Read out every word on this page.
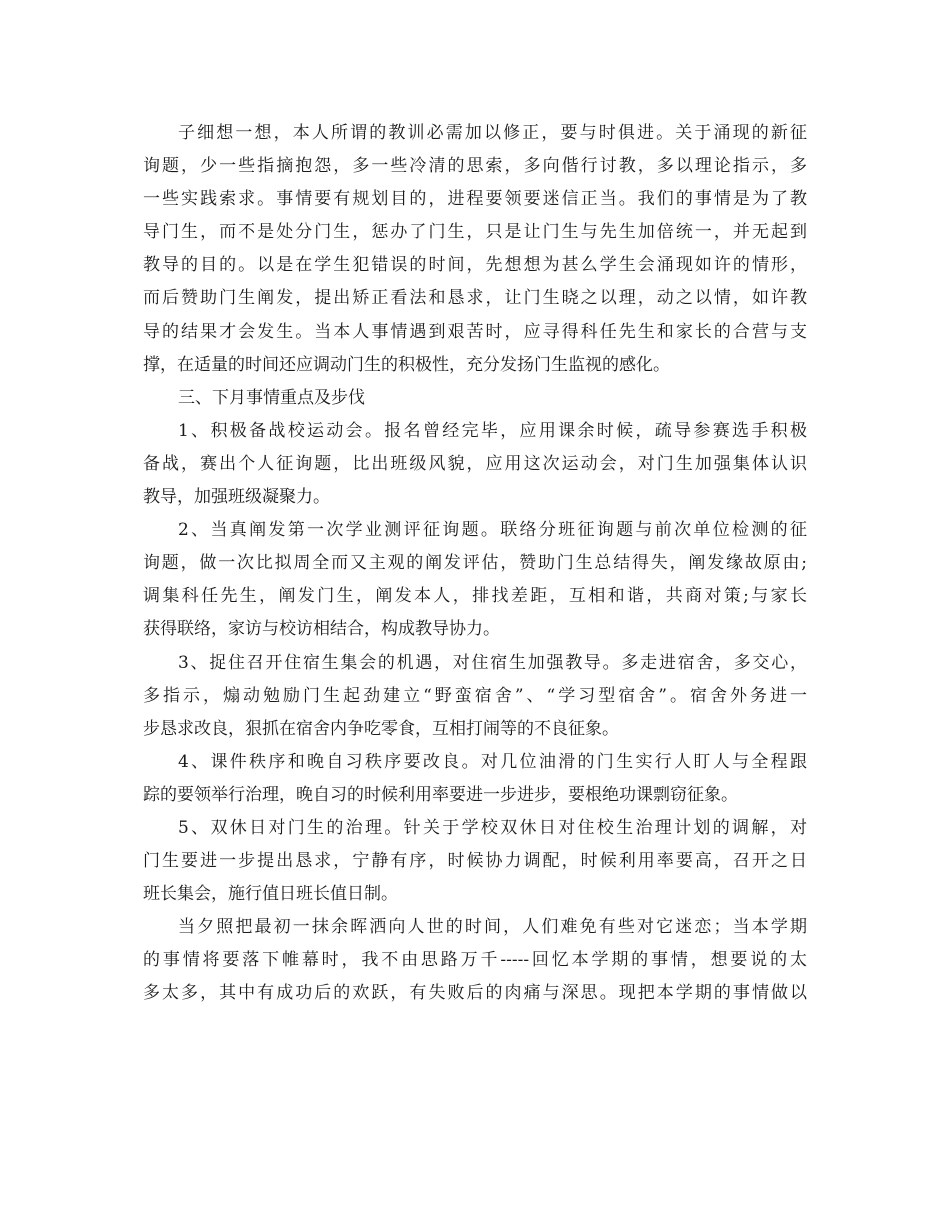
子细想一想，本人所谓的教训必需加以修正，要与时俱进。关于涌现的新征
询题，少一些指摘抱怨，多一些冷清的思索，多向偕行讨教，多以理论指示，多
一些实践索求。事情要有规划目的，进程要领要迷信正当。我们的事情是为了教
导门生，而不是处分门生，惩办了门生，只是让门生与先生加倍统一，并无起到
教导的目的。以是在学生犯错误的时间，先想想为甚么学生会涌现如许的情形，
而后赞助门生阐发，提出矫正看法和恳求，让门生晓之以理，动之以情，如许教
导的结果才会发生。当本人事情遇到艰苦时，应寻得科任先生和家长的合营与支
撑，在适量的时间还应调动门生的积极性，充分发扬门生监视的感化。
三、下月事情重点及步伐
1、积极备战校运动会。报名曾经完毕，应用课余时候，疏导参赛选手积极
备战，赛出个人征询题，比出班级风貌，应用这次运动会，对门生加强集体认识
教导，加强班级凝聚力。
2、当真阐发第一次学业测评征询题。联络分班征询题与前次单位检测的征
询题，做一次比拟周全而又主观的阐发评估，赞助门生总结得失，阐发缘故原由;
调集科任先生，阐发门生，阐发本人，排找差距，互相和谐，共商对策;与家长
获得联络，家访与校访相结合，构成教导协力。
3、捉住召开住宿生集会的机遇，对住宿生加强教导。多走进宿舍，多交心，
多指示，煽动勉励门生起劲建立“野蛮宿舍”、“学习型宿舍”。宿舍外务进一
步恳求改良，狠抓在宿舍内争吃零食，互相打闹等的不良征象。
4、课件秩序和晚自习秩序要改良。对几位油滑的门生实行人盯人与全程跟
踪的要领举行治理，晚自习的时候利用率要进一步进步，要根绝功课剽窃征象。
5、双休日对门生的治理。针关于学校双休日对住校生治理计划的调解，对
门生要进一步提出恳求，宁静有序，时候协力调配，时候利用率要高，召开之日
班长集会，施行值日班长值日制。
当夕照把最初一抹余晖洒向人世的时间，人们难免有些对它迷恋；当本学期
的事情将要落下帷幕时，我不由思路万千-----回忆本学期的事情，想要说的太
多太多，其中有成功后的欢跃，有失败后的肉痛与深思。现把本学期的事情做以
